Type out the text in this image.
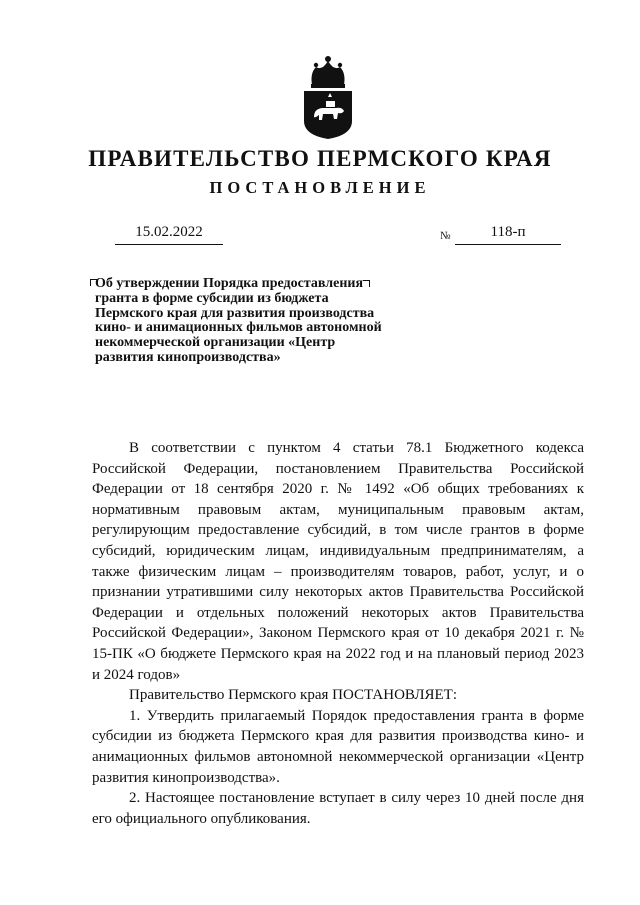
ПРАВИТЕЛЬСТВО ПЕРМСКОГО КРАЯ
ПОСТАНОВЛЕНИЕ
15.02.2022	№	118-п
Об утверждении Порядка предоставления гранта в форме субсидии из бюджета Пермского края для развития производства кино- и анимационных фильмов автономной некоммерческой организации «Центр развития кинопроизводства»

В соответствии с пунктом 4 статьи 78.1 Бюджетного кодекса Российской Федерации, постановлением Правительства Российской Федерации от 18 сентября 2020 г. № 1492 «Об общих требованиях к нормативным правовым актам, муниципальным правовым актам, регулирующим предоставление субсидий, в том числе грантов в форме субсидий, юридическим лицам, индивидуальным предпринимателям, а также физическим лицам – производителям товаров, работ, услуг, и о признании утратившими силу некоторых актов Правительства Российской Федерации и отдельных положений некоторых актов Правительства Российской Федерации», Законом Пермского края от 10 декабря 2021 г. № 15-ПК «О бюджете Пермского края на 2022 год и на плановый период 2023 и 2024 годов»

Правительство Пермского края ПОСТАНОВЛЯЕТ:

1. Утвердить прилагаемый Порядок предоставления гранта в форме субсидии из бюджета Пермского края для развития производства кино- и анимационных фильмов автономной некоммерческой организации «Центр развития кинопроизводства».

2. Настоящее постановление вступает в силу через 10 дней после дня его официального опубликования.
